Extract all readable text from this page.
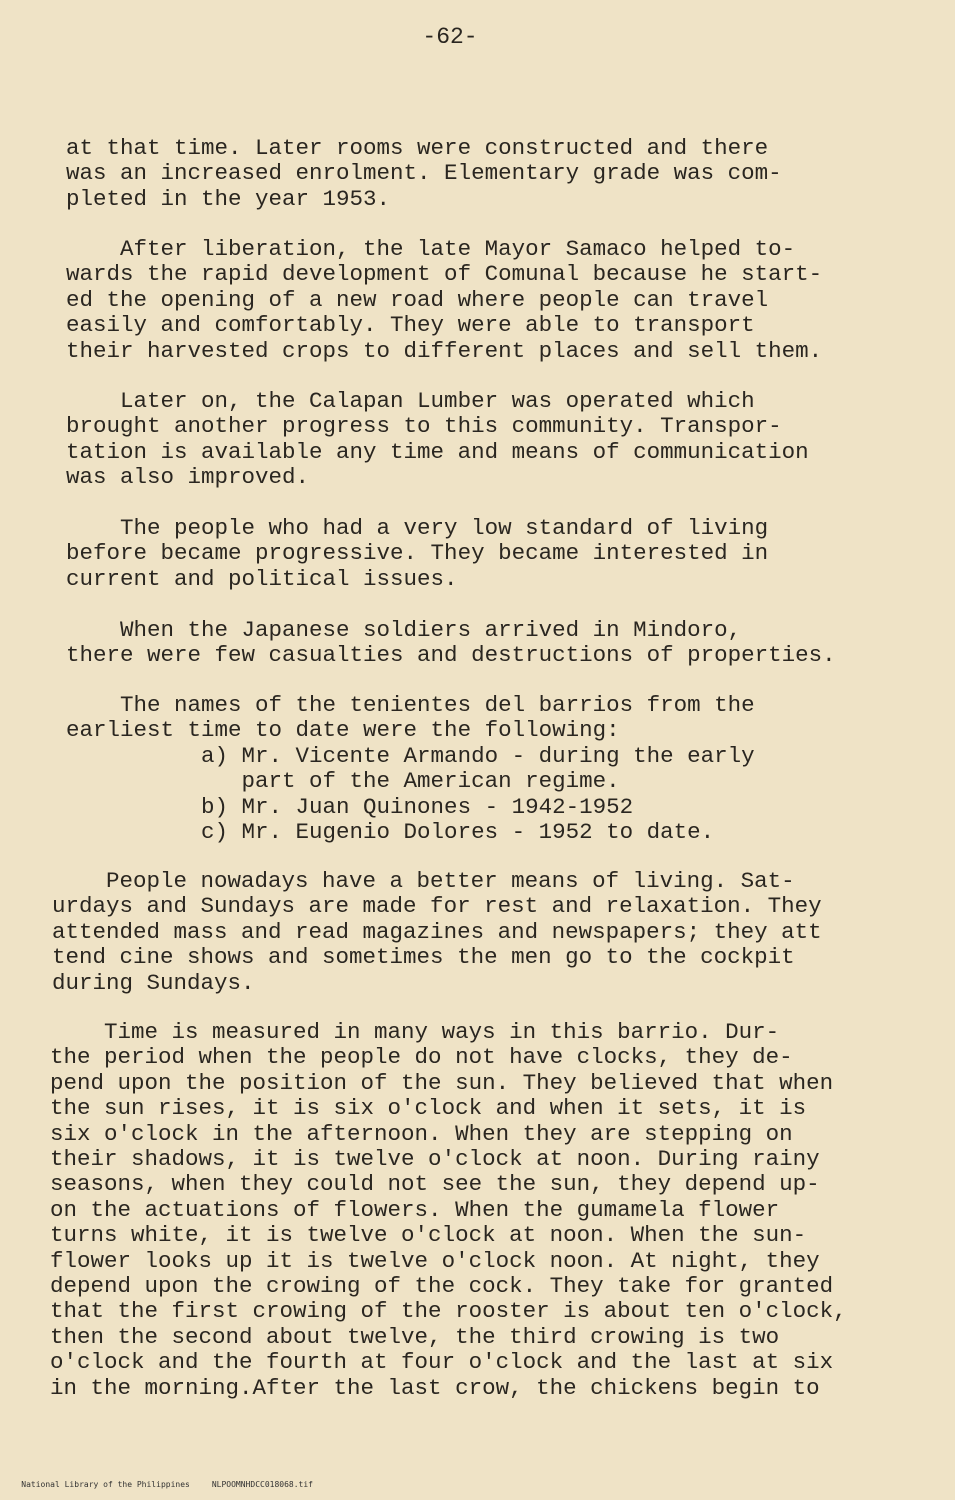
-62-
at that time. Later rooms were constructed and there
was an increased enrolment. Elementary grade was com-
pleted in the year 1953.
After liberation, the late Mayor Samaco helped to-
wards the rapid development of Comunal because he start-
ed the opening of a new road where people can travel
easily and comfortably. They were able to transport
their harvested crops to different places and sell them.
Later on, the Calapan Lumber was operated which
brought another progress to this community. Transpor-
tation is available any time and means of communication
was also improved.
The people who had a very low standard of living
before became progressive. They became interested in
current and political issues.
When the Japanese soldiers arrived in Mindoro,
there were few casualties and destructions of properties.
The names of the tenientes del barrios from the
earliest time to date were the following:
a) Mr. Vicente Armando - during the early
part of the American regime.
b) Mr. Juan Quinones - 1942-1952
c) Mr. Eugenio Dolores - 1952 to date.
People nowadays have a better means of living. Sat-
urdays and Sundays are made for rest and relaxation. They
attended mass and read magazines and newspapers; they att
tend cine shows and sometimes the men go to the cockpit
during Sundays.
Time is measured in many ways in this barrio. Dur-
the period when the people do not have clocks, they de-
pend upon the position of the sun. They believed that when
the sun rises, it is six o'clock and when it sets, it is
six o'clock in the afternoon. When they are stepping on
their shadows, it is twelve o'clock at noon. During rainy
seasons, when they could not see the sun, they depend up-
on the actuations of flowers. When the gumamela flower
turns white, it is twelve o'clock at noon. When the sun-
flower looks up it is twelve o'clock noon. At night, they
depend upon the crowing of the cock. They take for granted
that the first crowing of the rooster is about ten o'clock,
then the second about twelve, the third crowing is two
o'clock and the fourth at four o'clock and the last at six
in the morning.After the last crow, the chickens begin to

National Library of the Philippines	NLPOOMNHDCC018068.tif
